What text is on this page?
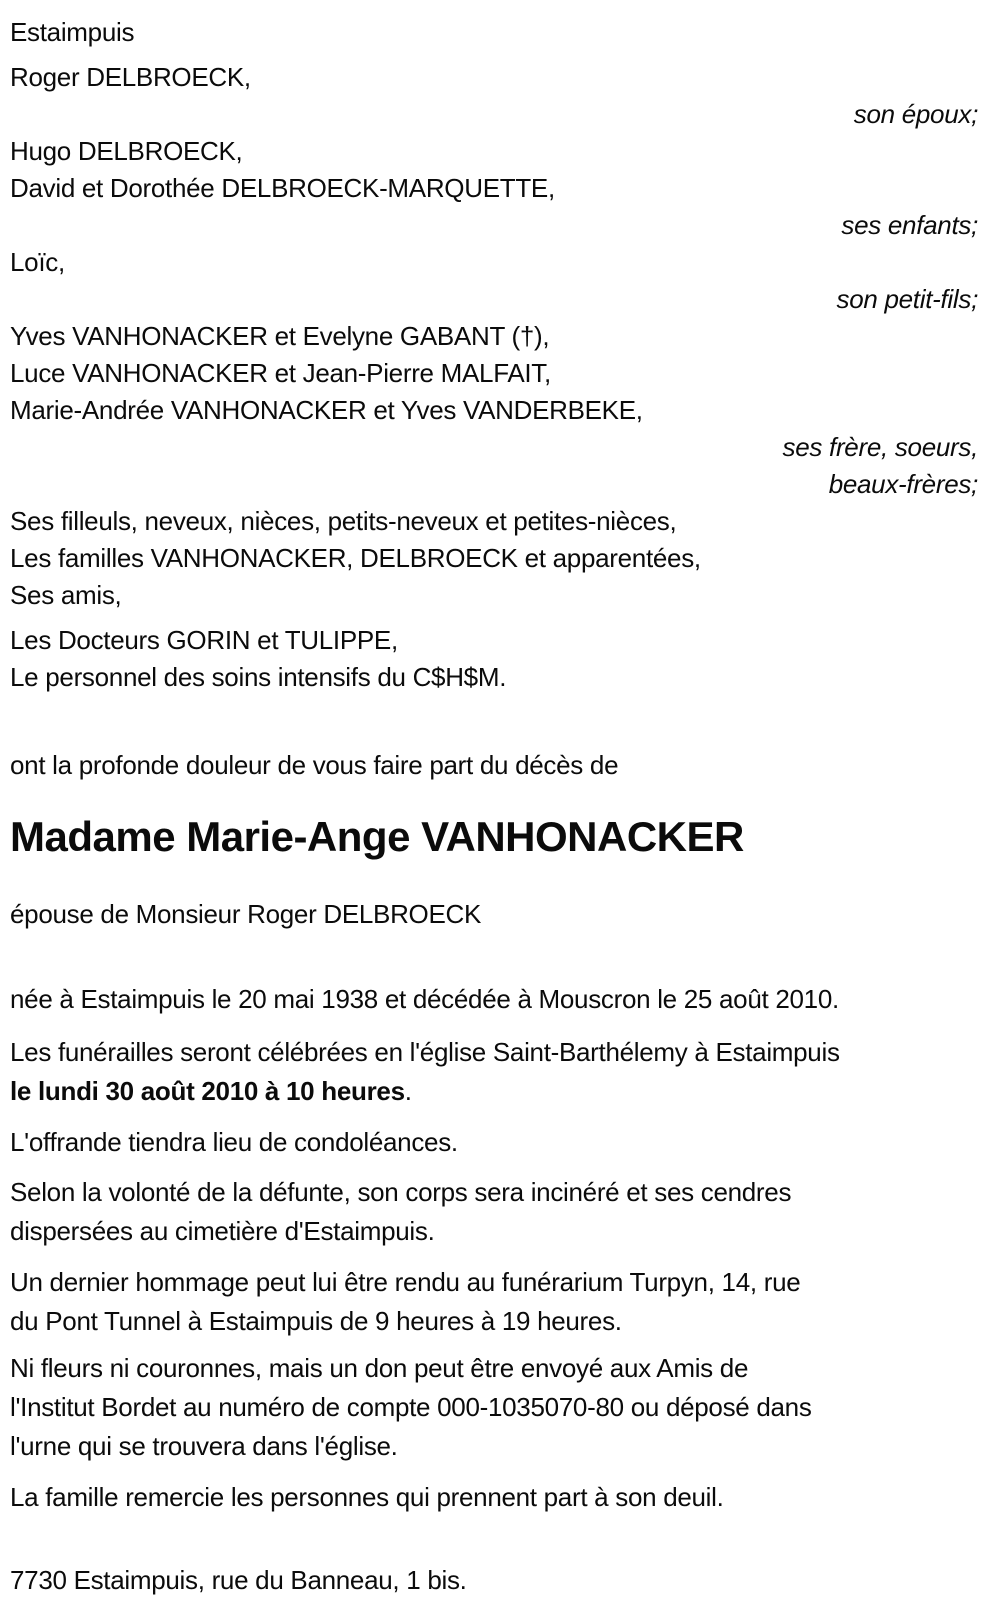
Estaimpuis
Roger DELBROECK,
son époux;
Hugo DELBROECK,
David et Dorothée DELBROECK-MARQUETTE,
ses enfants;
Loïc,
son petit-fils;
Yves VANHONACKER et Evelyne GABANT (†),
Luce VANHONACKER et Jean-Pierre MALFAIT,
Marie-Andrée VANHONACKER et Yves VANDERBEKE,
ses frère, soeurs,
beaux-frères;
Ses filleuls, neveux, nièces, petits-neveux et petites-nièces,
Les familles VANHONACKER, DELBROECK et apparentées,
Ses amis,
Les Docteurs GORIN et TULIPPE,
Le personnel des soins intensifs du C$H$M.
ont la profonde douleur de vous faire part du décès de
Madame Marie-Ange VANHONACKER
épouse de Monsieur Roger DELBROECK
née à Estaimpuis le 20 mai 1938 et décédée à Mouscron le 25 août 2010.
Les funérailles seront célébrées en l'église Saint-Barthélemy à Estaimpuis
le lundi 30 août 2010 à 10 heures.
L'offrande tiendra lieu de condoléances.
Selon la volonté de la défunte, son corps sera incinéré et ses cendres
dispersées au cimetière d'Estaimpuis.
Un dernier hommage peut lui être rendu au funérarium Turpyn, 14, rue
du Pont Tunnel à Estaimpuis de 9 heures à 19 heures.
Ni fleurs ni couronnes, mais un don peut être envoyé aux Amis de
l'Institut Bordet au numéro de compte 000-1035070-80 ou déposé dans
l'urne qui se trouvera dans l'église.
La famille remercie les personnes qui prennent part à son deuil.
7730 Estaimpuis, rue du Banneau, 1 bis.
